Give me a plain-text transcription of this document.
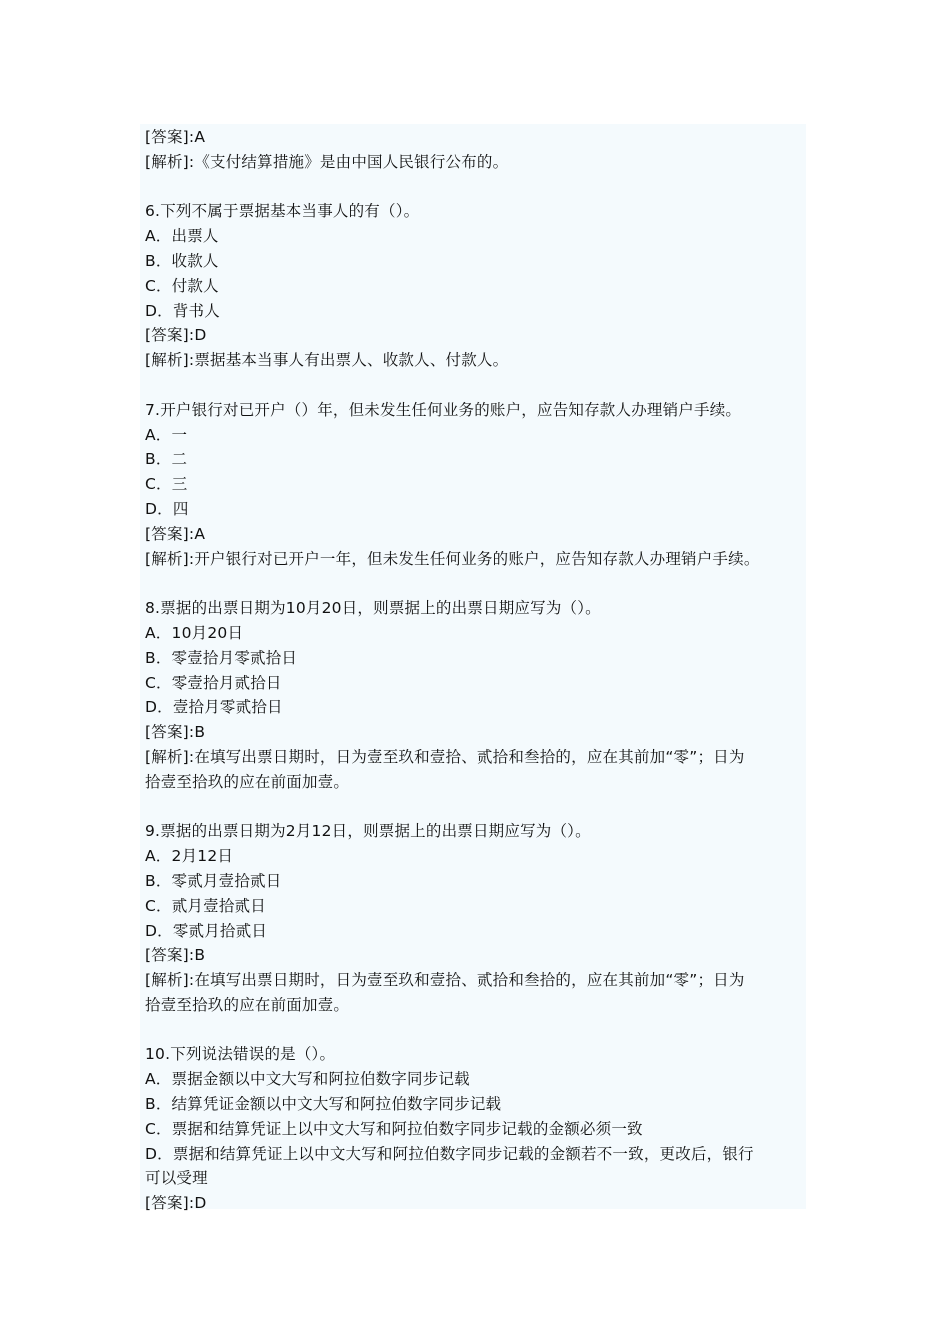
[答案]:A
[解析]:《支付结算措施》是由中国人民银行公布的。
6.下列不属于票据基本当事人的有（）。
A．出票人
B．收款人
C．付款人
D．背书人
[答案]:D
[解析]:票据基本当事人有出票人、收款人、付款人。
7.开户银行对已开户（）年，但未发生任何业务的账户，应告知存款人办理销户手续。
A．一
B．二
C．三
D．四
[答案]:A
[解析]:开户银行对已开户一年，但未发生任何业务的账户，应告知存款人办理销户手续。
8.票据的出票日期为10月20日，则票据上的出票日期应写为（）。
A．10月20日
B．零壹拾月零贰拾日
C．零壹拾月贰拾日
D．壹拾月零贰拾日
[答案]:B
[解析]:在填写出票日期时，日为壹至玖和壹拾、贰拾和叁拾的，应在其前加“零”；日为
拾壹至拾玖的应在前面加壹。
9.票据的出票日期为2月12日，则票据上的出票日期应写为（）。
A．2月12日
B．零贰月壹拾贰日
C．贰月壹拾贰日
D．零贰月拾贰日
[答案]:B
[解析]:在填写出票日期时，日为壹至玖和壹拾、贰拾和叁拾的，应在其前加“零”；日为
拾壹至拾玖的应在前面加壹。
10.下列说法错误的是（）。
A．票据金额以中文大写和阿拉伯数字同步记载
B．结算凭证金额以中文大写和阿拉伯数字同步记载
C．票据和结算凭证上以中文大写和阿拉伯数字同步记载的金额必须一致
D．票据和结算凭证上以中文大写和阿拉伯数字同步记载的金额若不一致，更改后，银行
可以受理
[答案]:D
